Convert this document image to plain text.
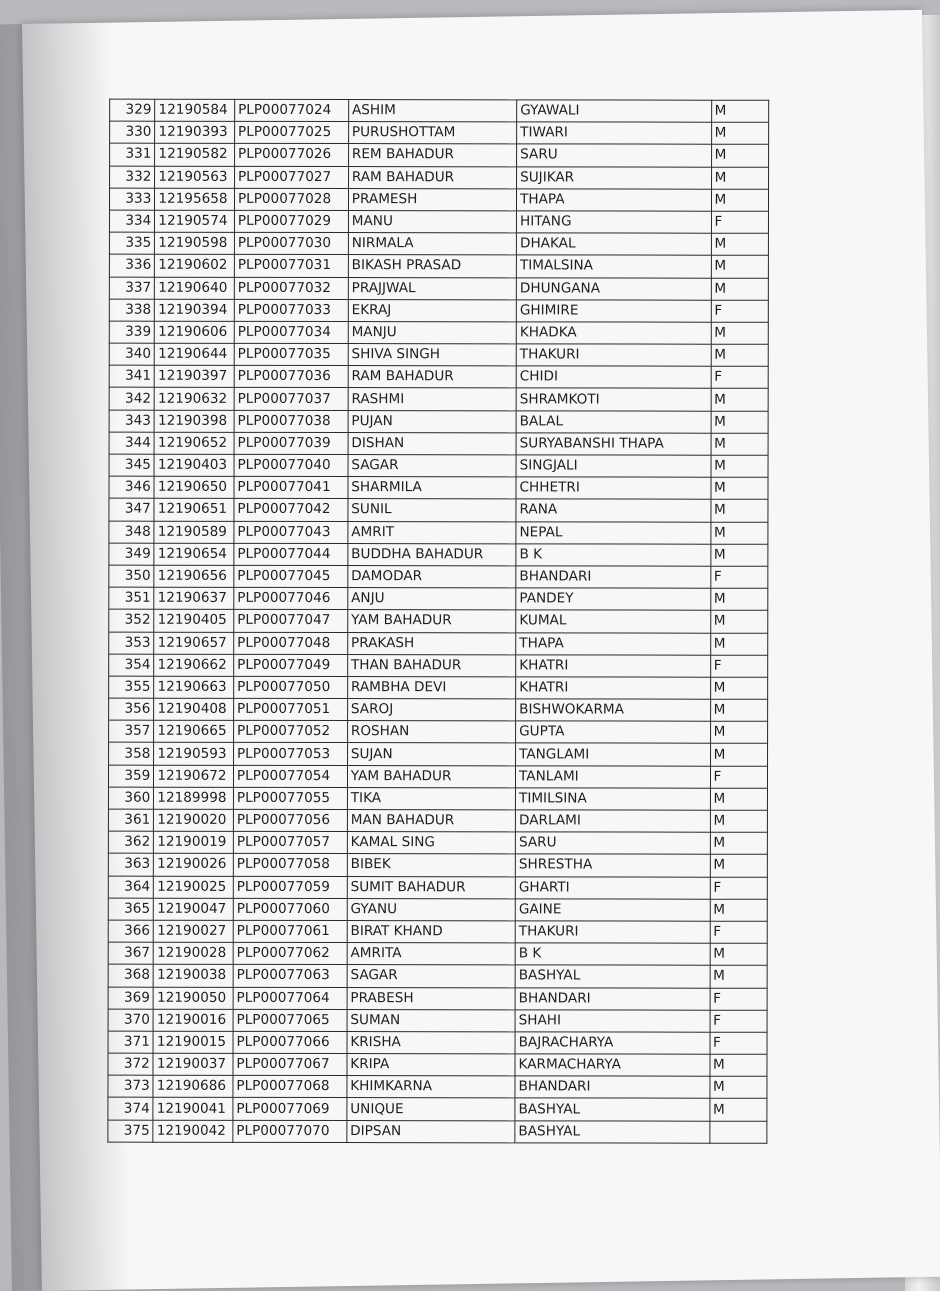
329	12190584	PLP00077024	ASHIM	GYAWALI	M
330	12190393	PLP00077025	PURUSHOTTAM	TIWARI	M
331	12190582	PLP00077026	REM BAHADUR	SARU	M
332	12190563	PLP00077027	RAM BAHADUR	SUJIKAR	M
333	12195658	PLP00077028	PRAMESH	THAPA	M
334	12190574	PLP00077029	MANU	HITANG	F
335	12190598	PLP00077030	NIRMALA	DHAKAL	M
336	12190602	PLP00077031	BIKASH PRASAD	TIMALSINA	M
337	12190640	PLP00077032	PRAJJWAL	DHUNGANA	M
338	12190394	PLP00077033	EKRAJ	GHIMIRE	F
339	12190606	PLP00077034	MANJU	KHADKA	M
340	12190644	PLP00077035	SHIVA SINGH	THAKURI	M
341	12190397	PLP00077036	RAM BAHADUR	CHIDI	F
342	12190632	PLP00077037	RASHMI	SHRAMKOTI	M
343	12190398	PLP00077038	PUJAN	BALAL	M
344	12190652	PLP00077039	DISHAN	SURYABANSHI THAPA	M
345	12190403	PLP00077040	SAGAR	SINGJALI	M
346	12190650	PLP00077041	SHARMILA	CHHETRI	M
347	12190651	PLP00077042	SUNIL	RANA	M
348	12190589	PLP00077043	AMRIT	NEPAL	M
349	12190654	PLP00077044	BUDDHA BAHADUR	B K	M
350	12190656	PLP00077045	DAMODAR	BHANDARI	F
351	12190637	PLP00077046	ANJU	PANDEY	M
352	12190405	PLP00077047	YAM BAHADUR	KUMAL	M
353	12190657	PLP00077048	PRAKASH	THAPA	M
354	12190662	PLP00077049	THAN BAHADUR	KHATRI	F
355	12190663	PLP00077050	RAMBHA DEVI	KHATRI	M
356	12190408	PLP00077051	SAROJ	BISHWOKARMA	M
357	12190665	PLP00077052	ROSHAN	GUPTA	M
358	12190593	PLP00077053	SUJAN	TANGLAMI	M
359	12190672	PLP00077054	YAM BAHADUR	TANLAMI	F
360	12189998	PLP00077055	TIKA	TIMILSINA	M
361	12190020	PLP00077056	MAN BAHADUR	DARLAMI	M
362	12190019	PLP00077057	KAMAL SING	SARU	M
363	12190026	PLP00077058	BIBEK	SHRESTHA	M
364	12190025	PLP00077059	SUMIT BAHADUR	GHARTI	F
365	12190047	PLP00077060	GYANU	GAINE	M
366	12190027	PLP00077061	BIRAT KHAND	THAKURI	F
367	12190028	PLP00077062	AMRITA	B K	M
368	12190038	PLP00077063	SAGAR	BASHYAL	M
369	12190050	PLP00077064	PRABESH	BHANDARI	F
370	12190016	PLP00077065	SUMAN	SHAHI	F
371	12190015	PLP00077066	KRISHA	BAJRACHARYA	F
372	12190037	PLP00077067	KRIPA	KARMACHARYA	M
373	12190686	PLP00077068	KHIMKARNA	BHANDARI	M
374	12190041	PLP00077069	UNIQUE	BASHYAL	M
375	12190042	PLP00077070	DIPSAN	BASHYAL	
